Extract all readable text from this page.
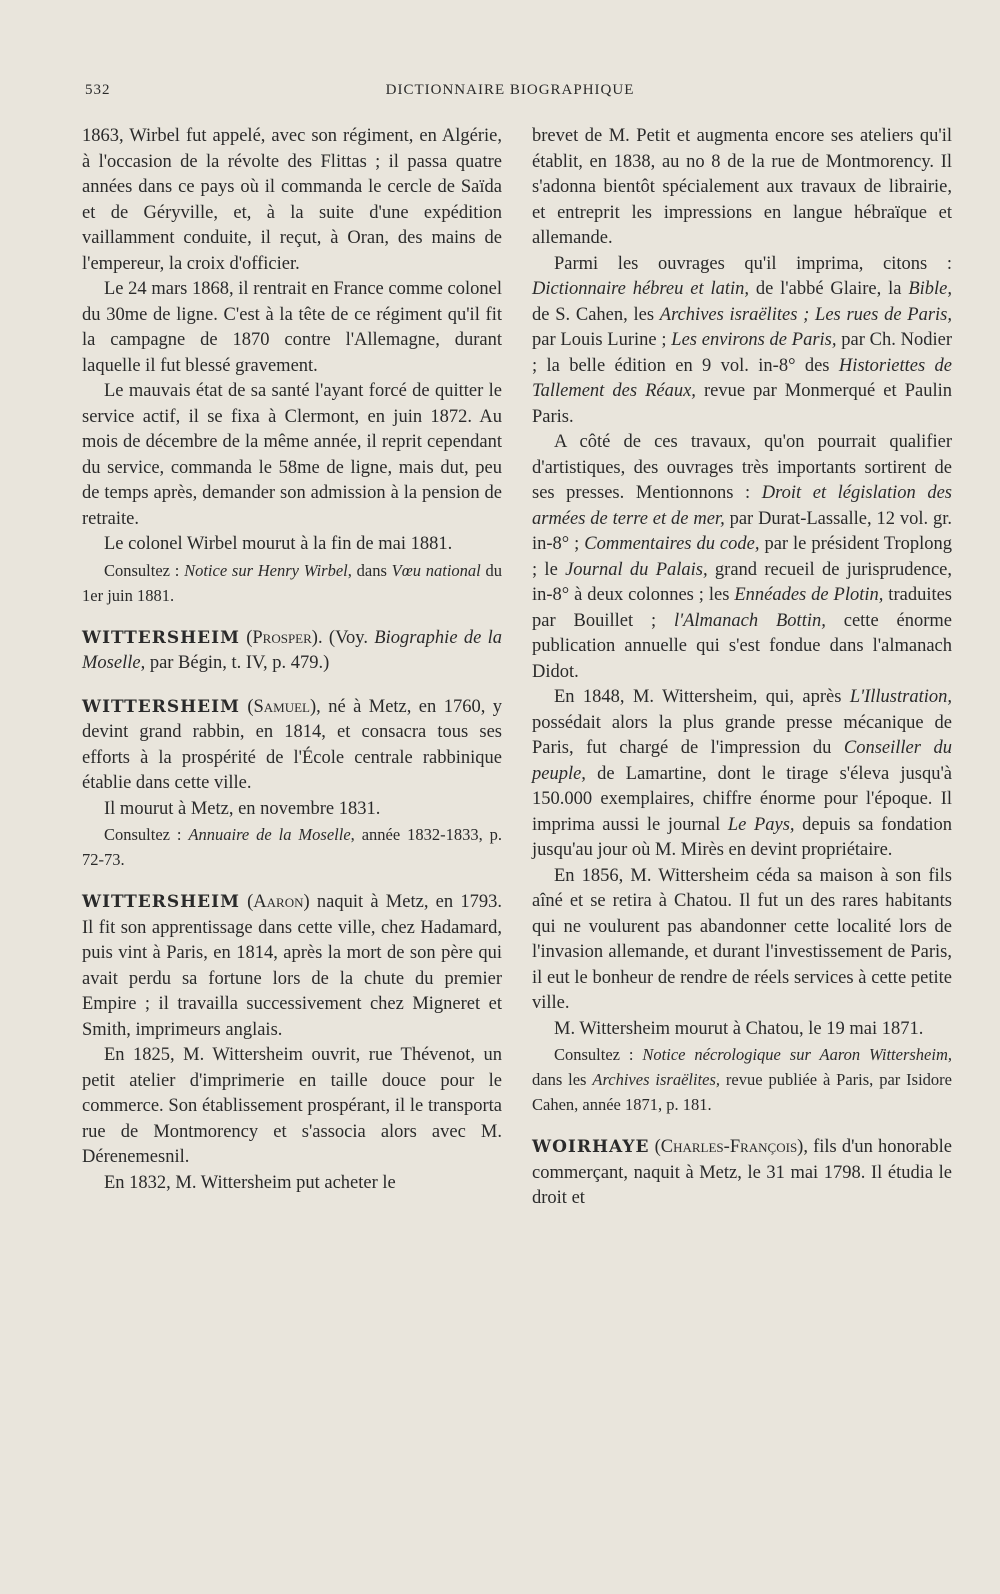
532	DICTIONNAIRE BIOGRAPHIQUE

1863, Wirbel fut appelé, avec son régiment, en Algérie, à l'occasion de la révolte des Flittas ; il passa quatre années dans ce pays où il commanda le cercle de Saïda et de Géryville, et, à la suite d'une expédition vaillamment conduite, il reçut, à Oran, des mains de l'empereur, la croix d'officier.

Le 24 mars 1868, il rentrait en France comme colonel du 30me de ligne. C'est à la tête de ce régiment qu'il fit la campagne de 1870 contre l'Allemagne, durant laquelle il fut blessé gravement.

Le mauvais état de sa santé l'ayant forcé de quitter le service actif, il se fixa à Clermont, en juin 1872. Au mois de décembre de la même année, il reprit cependant du service, commanda le 58me de ligne, mais dut, peu de temps après, demander son admission à la pension de retraite.

Le colonel Wirbel mourut à la fin de mai 1881.

Consultez : Notice sur Henry Wirbel, dans Vœu national du 1er juin 1881.

WITTERSHEIM (Prosper). (Voy. Biographie de la Moselle, par Bégin, t. IV, p. 479.)

WITTERSHEIM (Samuel), né à Metz, en 1760, y devint grand rabbin, en 1814, et consacra tous ses efforts à la prospérité de l'École centrale rabbinique établie dans cette ville.

Il mourut à Metz, en novembre 1831.

Consultez : Annuaire de la Moselle, année 1832-1833, p. 72-73.

WITTERSHEIM (Aaron) naquit à Metz, en 1793. Il fit son apprentissage dans cette ville, chez Hadamard, puis vint à Paris, en 1814, après la mort de son père qui avait perdu sa fortune lors de la chute du premier Empire ; il travailla successivement chez Migneret et Smith, imprimeurs anglais.

En 1825, M. Wittersheim ouvrit, rue Thévenot, un petit atelier d'imprimerie en taille douce pour le commerce. Son établissement prospérant, il le transporta rue de Montmorency et s'associa alors avec M. Dérenemesnil.

En 1832, M. Wittersheim put acheter le

brevet de M. Petit et augmenta encore ses ateliers qu'il établit, en 1838, au no 8 de la rue de Montmorency. Il s'adonna bientôt spécialement aux travaux de librairie, et entreprit les impressions en langue hébraïque et allemande.

Parmi les ouvrages qu'il imprima, citons : Dictionnaire hébreu et latin, de l'abbé Glaire, la Bible, de S. Cahen, les Archives israëlites ; Les rues de Paris, par Louis Lurine ; Les environs de Paris, par Ch. Nodier ; la belle édition en 9 vol. in-8° des Historiettes de Tallement des Réaux, revue par Monmerqué et Paulin Paris.

A côté de ces travaux, qu'on pourrait qualifier d'artistiques, des ouvrages très importants sortirent de ses presses. Mentionnons : Droit et législation des armées de terre et de mer, par Durat-Lassalle, 12 vol. gr. in-8° ; Commentaires du code, par le président Troplong ; le Journal du Palais, grand recueil de jurisprudence, in-8° à deux colonnes ; les Ennéades de Plotin, traduites par Bouillet ; l'Almanach Bottin, cette énorme publication annuelle qui s'est fondue dans l'almanach Didot.

En 1848, M. Wittersheim, qui, après L'Illustration, possédait alors la plus grande presse mécanique de Paris, fut chargé de l'impression du Conseiller du peuple, de Lamartine, dont le tirage s'éleva jusqu'à 150.000 exemplaires, chiffre énorme pour l'époque. Il imprima aussi le journal Le Pays, depuis sa fondation jusqu'au jour où M. Mirès en devint propriétaire.

En 1856, M. Wittersheim céda sa maison à son fils aîné et se retira à Chatou. Il fut un des rares habitants qui ne voulurent pas abandonner cette localité lors de l'invasion allemande, et durant l'investissement de Paris, il eut le bonheur de rendre de réels services à cette petite ville.

M. Wittersheim mourut à Chatou, le 19 mai 1871.

Consultez : Notice nécrologique sur Aaron Wittersheim, dans les Archives israëlites, revue publiée à Paris, par Isidore Cahen, année 1871, p. 181.

WOIRHAYE (Charles-François), fils d'un honorable commerçant, naquit à Metz, le 31 mai 1798. Il étudia le droit et
